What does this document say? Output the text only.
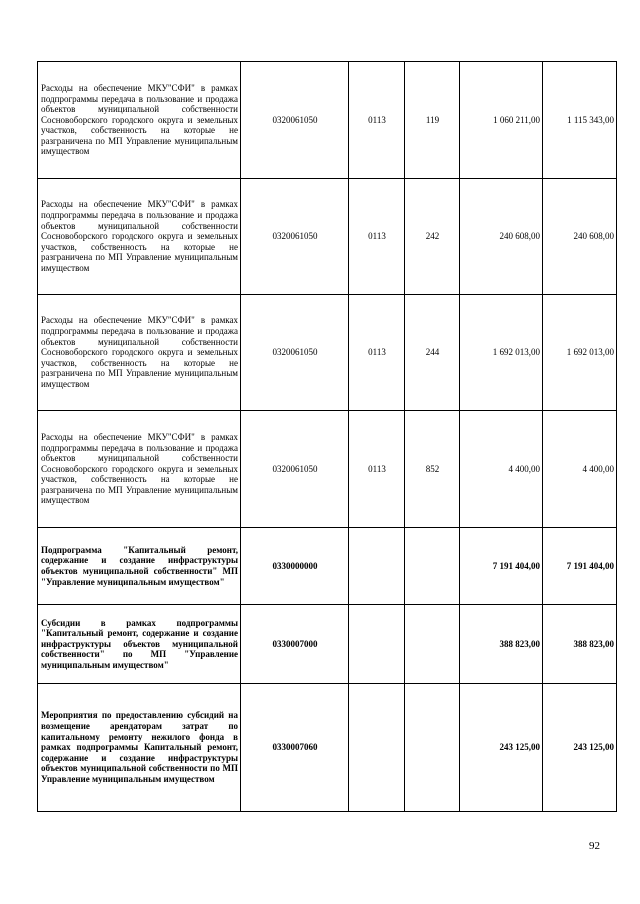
Расходы на обеспечение МКУ"СФИ" в рамках подпрограммы передача в пользование и продажа объектов муниципальной собственности Сосновоборского городского округа и земельных участков, собственность на которые не разграничена по МП Управление муниципальным имуществом	0320061050	0113	119	1 060 211,00	1 115 343,00
Расходы на обеспечение МКУ"СФИ" в рамках подпрограммы передача в пользование и продажа объектов муниципальной собственности Сосновоборского городского округа и земельных участков, собственность на которые не разграничена по МП Управление муниципальным имуществом	0320061050	0113	242	240 608,00	240 608,00
Расходы на обеспечение МКУ"СФИ" в рамках подпрограммы передача в пользование и продажа объектов муниципальной собственности Сосновоборского городского округа и земельных участков, собственность на которые не разграничена по МП Управление муниципальным имуществом	0320061050	0113	244	1 692 013,00	1 692 013,00
Расходы на обеспечение МКУ"СФИ" в рамках подпрограммы передача в пользование и продажа объектов муниципальной собственности Сосновоборского городского округа и земельных участков, собственность на которые не разграничена по МП Управление муниципальным имуществом	0320061050	0113	852	4 400,00	4 400,00
Подпрограмма "Капитальный ремонт, содержание и создание инфраструктуры объектов муниципальной собственности" МП "Управление муниципальным имуществом"	0330000000			7 191 404,00	7 191 404,00
Субсидии в рамках подпрограммы "Капитальный ремонт, содержание и создание инфраструктуры объектов муниципальной собственности" по МП "Управление муниципальным имуществом"	0330007000			388 823,00	388 823,00
Мероприятия по предоставлению субсидий на возмещение арендаторам затрат по капитальному ремонту нежилого фонда в рамках подпрограммы Капитальный ремонт, содержание и создание инфраструктуры объектов муниципальной собственности по МП Управление муниципальным имуществом	0330007060			243 125,00	243 125,00
92
